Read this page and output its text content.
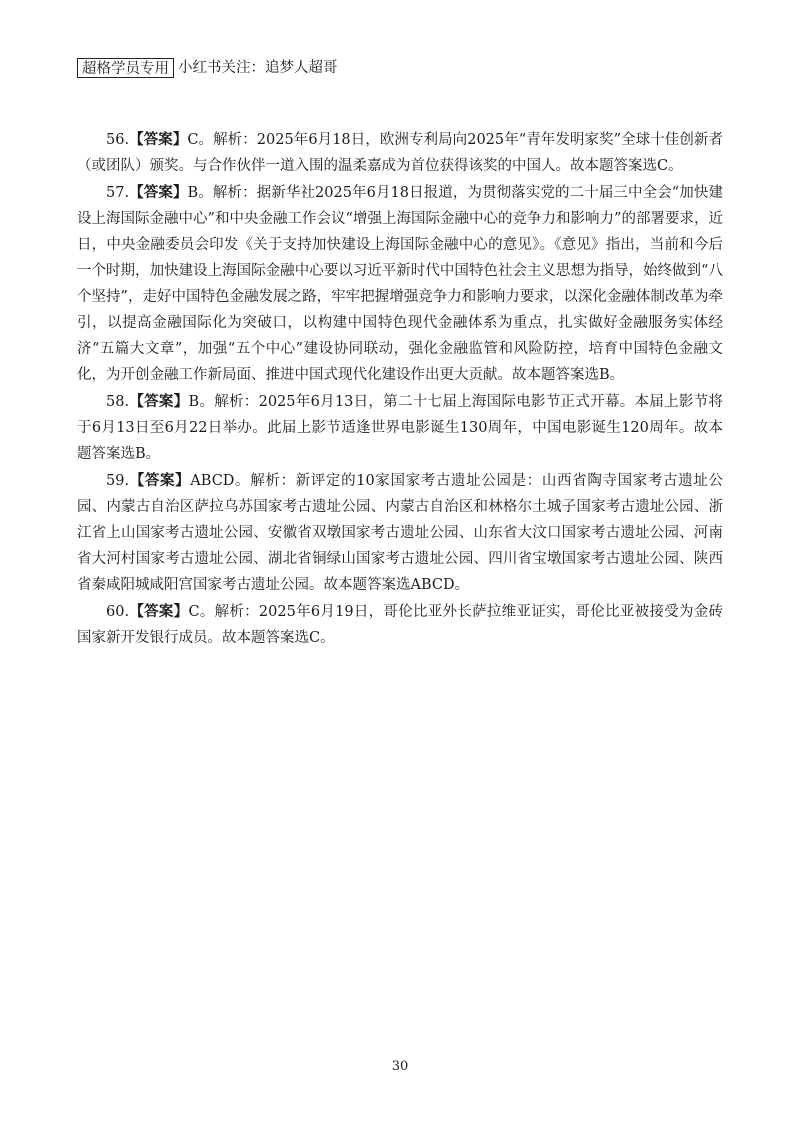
超格学员专用 小红书关注：追梦人超哥

56.【答案】C。解析：2025年6月18日，欧洲专利局向2025年“青年发明家奖”全球十佳创新者（或团队）颁奖。与合作伙伴一道入围的温柔嘉成为首位获得该奖的中国人。故本题答案选C。

57.【答案】B。解析：据新华社2025年6月18日报道，为贯彻落实党的二十届三中全会“加快建设上海国际金融中心”和中央金融工作会议“增强上海国际金融中心的竞争力和影响力”的部署要求，近日，中央金融委员会印发《关于支持加快建设上海国际金融中心的意见》。《意见》指出，当前和今后一个时期，加快建设上海国际金融中心要以习近平新时代中国特色社会主义思想为指导，始终做到“八个坚持”，走好中国特色金融发展之路，牢牢把握增强竞争力和影响力要求，以深化金融体制改革为牵引，以提高金融国际化为突破口，以构建中国特色现代金融体系为重点，扎实做好金融服务实体经济“五篇大文章”，加强“五个中心”建设协同联动，强化金融监管和风险防控，培育中国特色金融文化，为开创金融工作新局面、推进中国式现代化建设作出更大贡献。故本题答案选B。

58.【答案】B。解析：2025年6月13日，第二十七届上海国际电影节正式开幕。本届上影节将于6月13日至6月22日举办。此届上影节适逢世界电影诞生130周年，中国电影诞生120周年。故本题答案选B。

59.【答案】ABCD。解析：新评定的10家国家考古遗址公园是：山西省陶寺国家考古遗址公园、内蒙古自治区萨拉乌苏国家考古遗址公园、内蒙古自治区和林格尔土城子国家考古遗址公园、浙江省上山国家考古遗址公园、安徽省双墩国家考古遗址公园、山东省大汶口国家考古遗址公园、河南省大河村国家考古遗址公园、湖北省铜绿山国家考古遗址公园、四川省宝墩国家考古遗址公园、陕西省秦咸阳城咸阳宫国家考古遗址公园。故本题答案选ABCD。

60.【答案】C。解析：2025年6月19日，哥伦比亚外长萨拉维亚证实，哥伦比亚被接受为金砖国家新开发银行成员。故本题答案选C。

30
